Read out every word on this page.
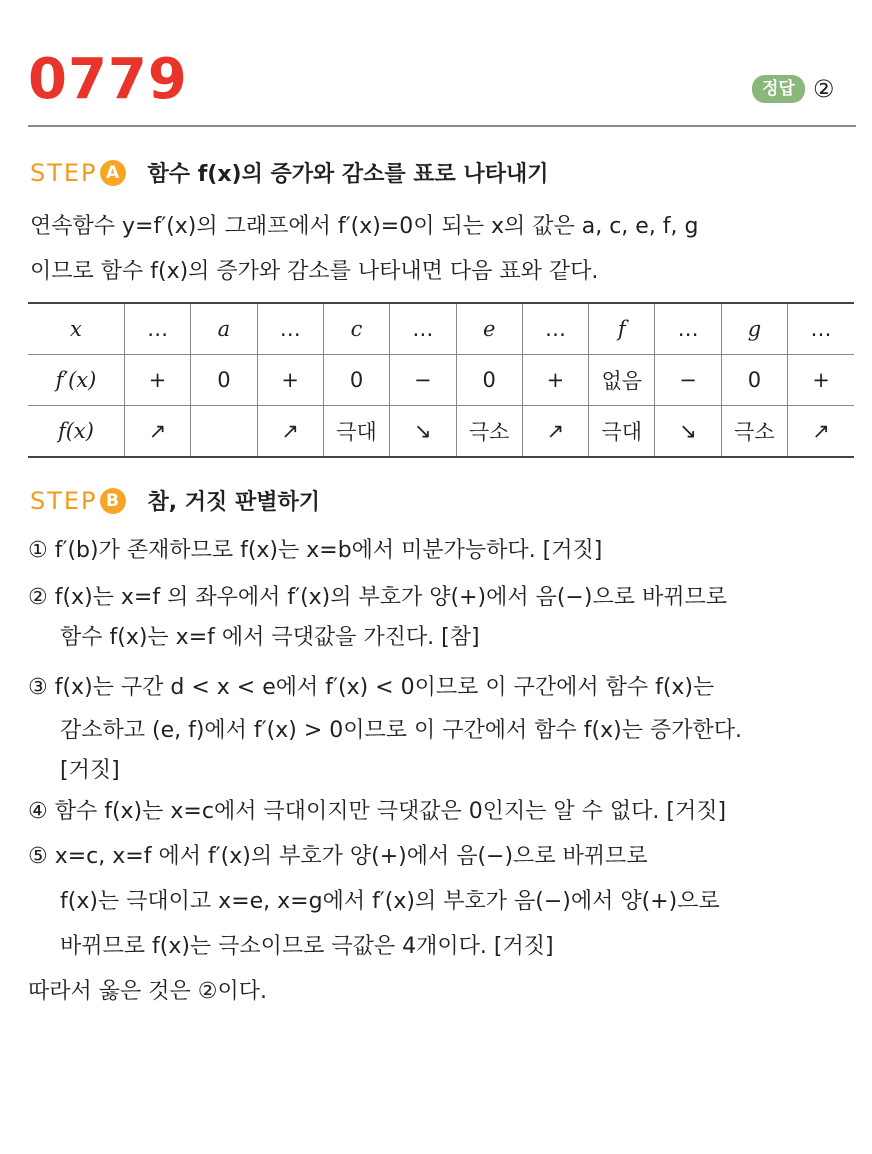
0779	정답 ②
STEP A 함수 f(x)의 증가와 감소를 표로 나타내기
연속함수 y=f′(x)의 그래프에서 f′(x)=0이 되는 x의 값은 a, c, e, f, g
이므로 함수 f(x)의 증가와 감소를 나타내면 다음 표와 같다.
x	…	a	…	c	…	e	…	f	…	g	…
f′(x)	+	0	+	0	−	0	+	없음	−	0	+
f(x)	↗		↗	극대	↘	극소	↗	극대	↘	극소	↗
STEP B 참, 거짓 판별하기
① f′(b)가 존재하므로 f(x)는 x=b에서 미분가능하다. [거짓]
② f(x)는 x=f 의 좌우에서 f′(x)의 부호가 양(+)에서 음(−)으로 바뀌므로
함수 f(x)는 x=f 에서 극댓값을 가진다. [참]
③ f(x)는 구간 d < x < e에서 f′(x) < 0이므로 이 구간에서 함수 f(x)는
감소하고 (e, f)에서 f′(x) > 0이므로 이 구간에서 함수 f(x)는 증가한다.
[거짓]
④ 함수 f(x)는 x=c에서 극대이지만 극댓값은 0인지는 알 수 없다. [거짓]
⑤ x=c, x=f 에서 f′(x)의 부호가 양(+)에서 음(−)으로 바뀌므로
f(x)는 극대이고 x=e, x=g에서 f′(x)의 부호가 음(−)에서 양(+)으로
바뀌므로 f(x)는 극소이므로 극값은 4개이다. [거짓]
따라서 옳은 것은 ②이다.
